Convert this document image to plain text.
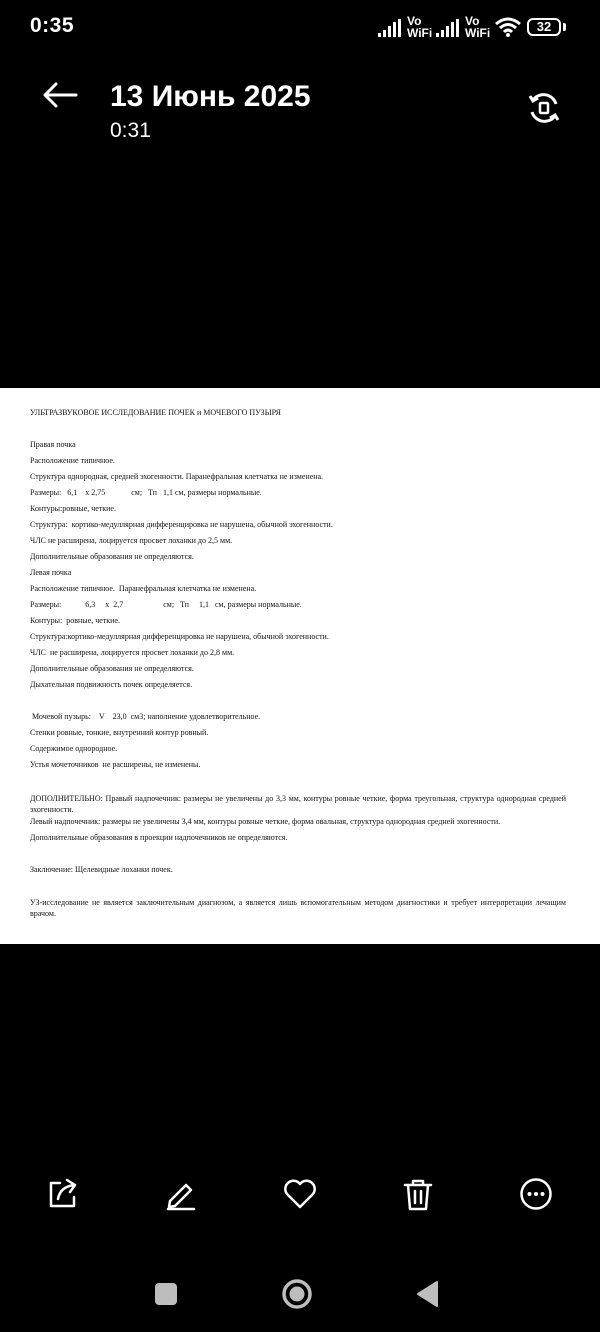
0:35	Vo
WiFi
Vo
WiFi	32
13 Июнь 2025
0:31
УЛЬТРАЗВУКОВОЕ ИССЛЕДОВАНИЕ ПОЧЕК и МОЧЕВОГО ПУЗЫРЯ
Правая почка
Расположение типичное.
Структура однородная, средней эхогенности. Паранефральная клетчатка не изменена.
Размеры:   6,1    х 2,75             см;   Тп   1,1 см, размеры нормальные.
Контуры:ровные, четкие.
Структура:  кортико-медуллярная дифференцировка не нарушена, обычной эхогенности.
ЧЛС не расширена, лоцируется просвет лоханки до 2,5 мм.
Дополнительные образования не определяются.
Левая почка
Расположение типичное.  Паранефральная клетчатка не изменена.
Размеры:            6,3     х  2,7                    см;   Тп     1,1   см, размеры нормальные.
Контуры:  ровные, четкие.
Структура:кортико-медуллярная дифференцировка не нарушена, обычной эхогенности.
ЧЛС  не расширена, лоцируется просвет лоханки до 2,8 мм.
Дополнительные образования не определяются.
Дыхательная подвижность почек определяется.
Мочевой пузырь:    V    23,0  см3; наполнение удовлетворительное.
Стенки ровные, тонкие, внутренний контур ровный.
Содержимое однородное.
Устья мочеточников  не расширены, не изменены.
ДОПОЛНИТЕЛЬНО: Правый надпочечник: размеры не увеличены до 3,3 мм, контуры ровные четкие, форма треугольная, структура однородная средней эхогенности.
Левый надпочечник: размеры не увеличены 3,4 мм, контуры ровные четкие, форма овальная, структура однородная средней эхогенности.
Дополнительные образования в проекции надпочечников не определяются.
Заключение: Щелевидные лоханки почек.
УЗ-исследование не является заключительным диагнозом, а является лишь вспомогательным методом диагностики и требует интерпретации лечащим врачом.
